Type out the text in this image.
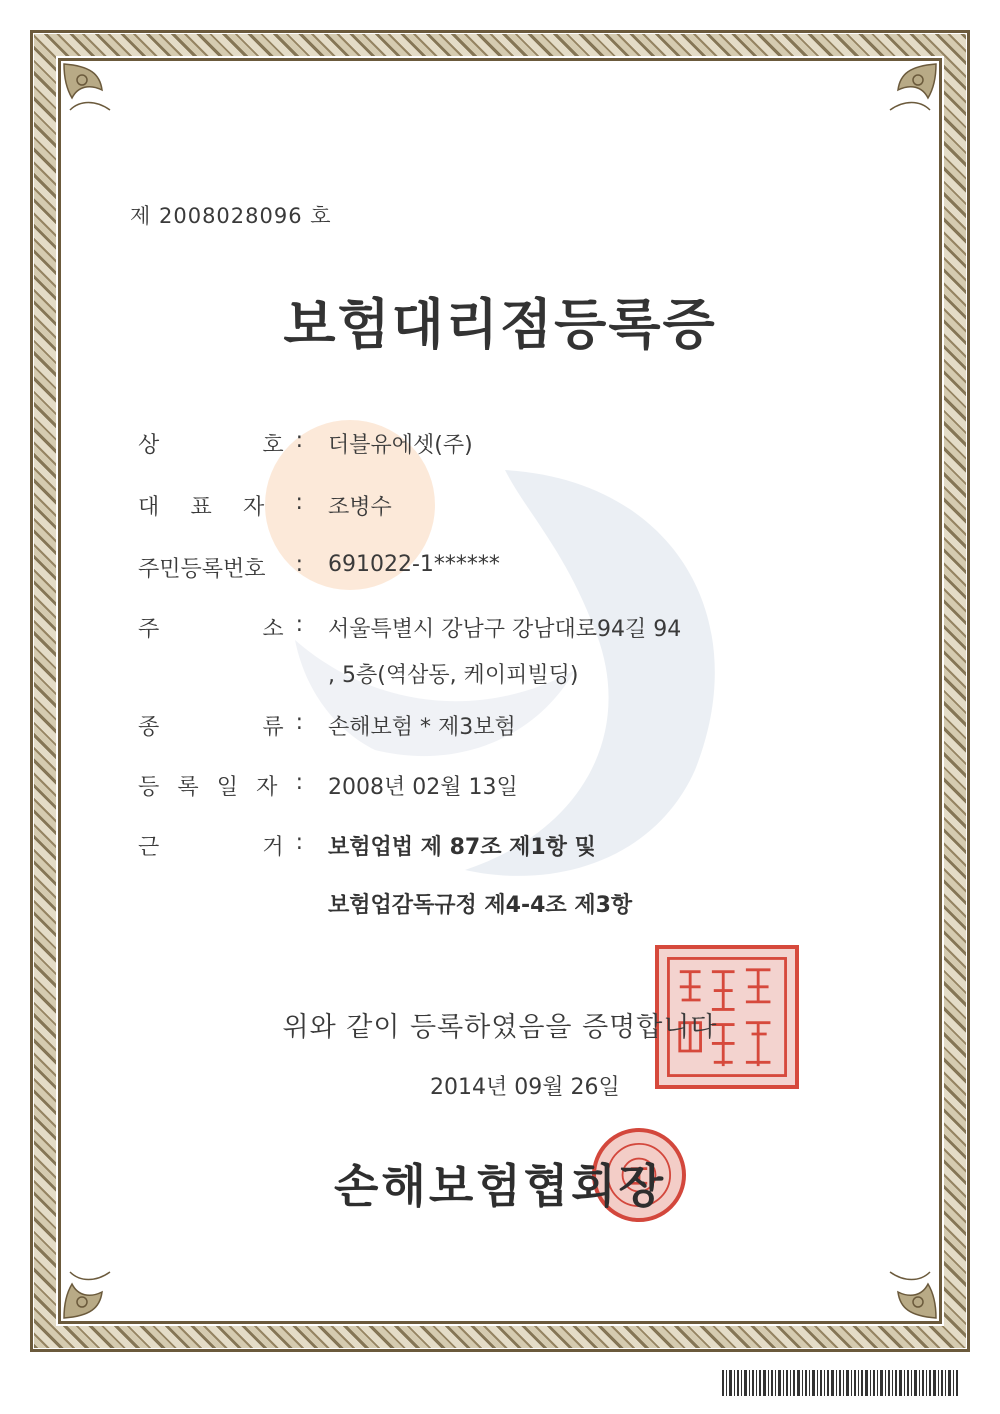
제 2008028096 호
보험대리점등록증
상	호 : 더블유에셋(주)
대 표 자 : 조병수
주민등록번호 : 691022-1******
주	소 : 서울특별시 강남구 강남대로94길 94
, 5층(역삼동, 케이피빌딩)
종	류 : 손해보험 * 제3보험
등 록 일 자 : 2008년 02월 13일
근	거 : 보험업법 제 87조 제1항 및
보험업감독규정 제4-4조 제3항
위와 같이 등록하였음을 증명합니다
2014년 09월 26일
손해보험협회장
